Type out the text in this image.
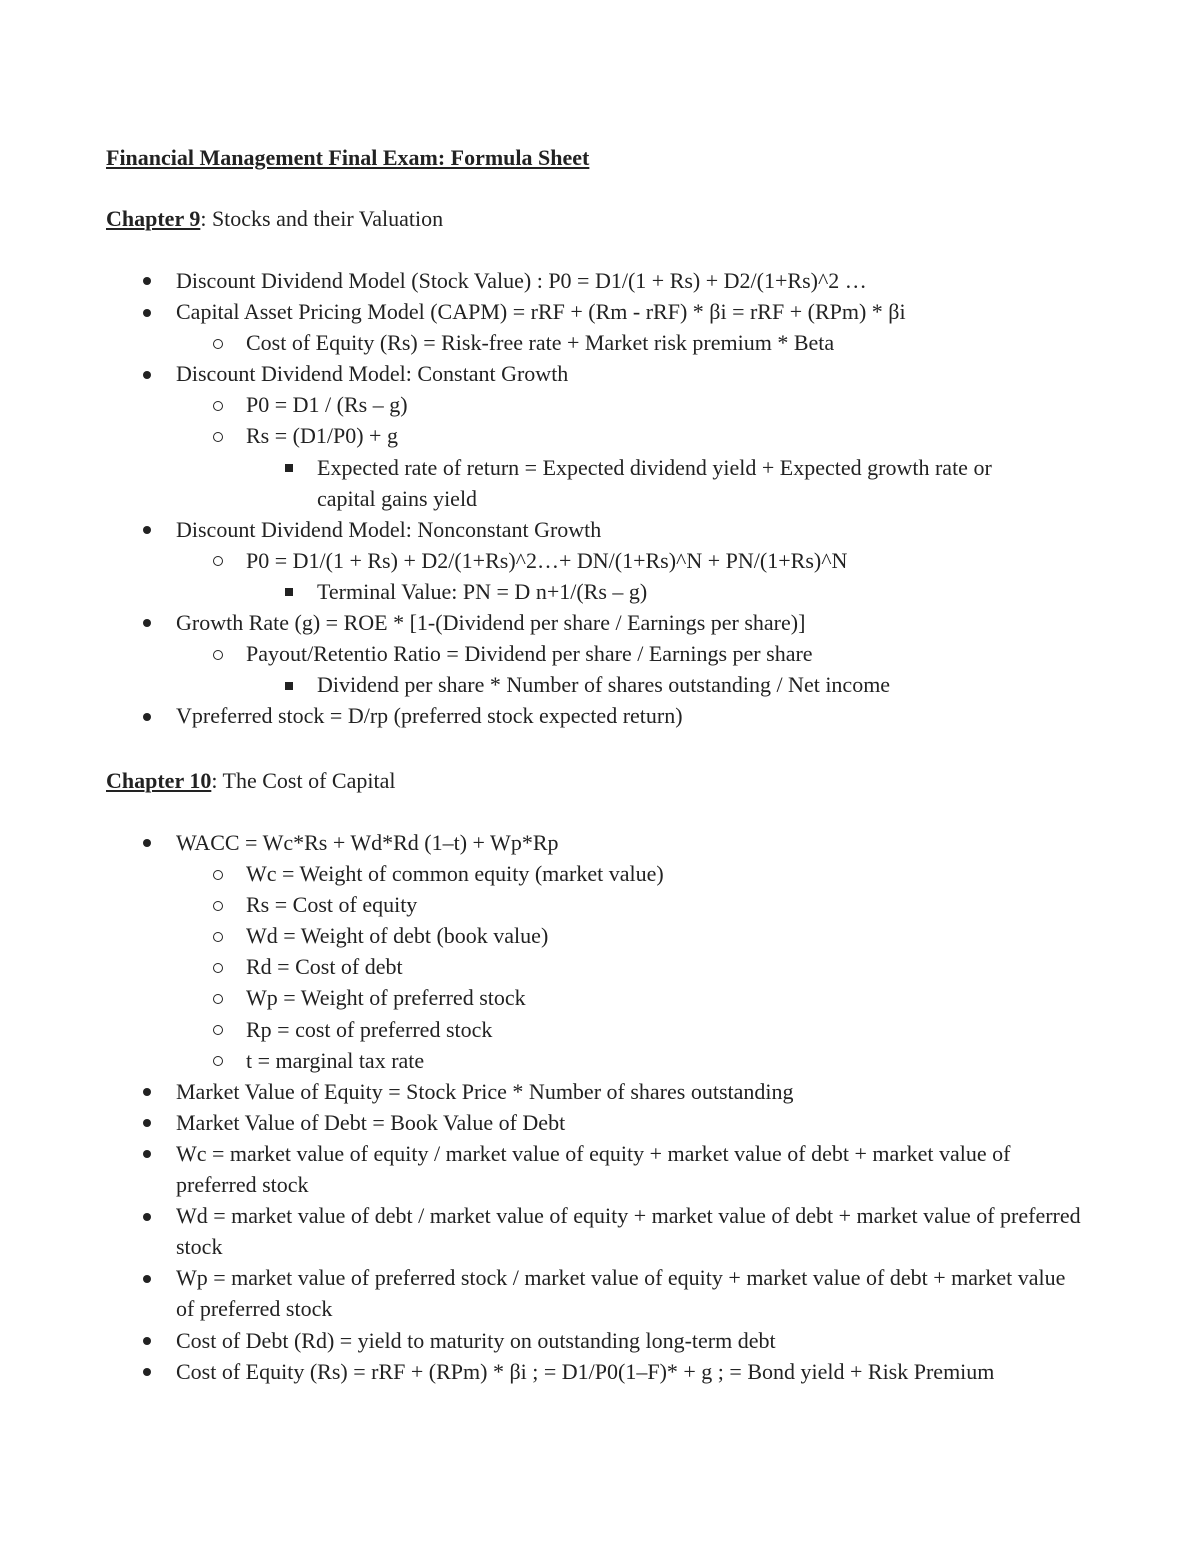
Financial Management Final Exam: Formula Sheet
Chapter 9: Stocks and their Valuation
Discount Dividend Model (Stock Value) : P0 = D1/(1 + Rs) + D2/(1+Rs)^2 …
Capital Asset Pricing Model (CAPM) = rRF + (Rm - rRF) * βi = rRF + (RPm) * βi
Cost of Equity (Rs) = Risk-free rate + Market risk premium * Beta
Discount Dividend Model: Constant Growth
P0 = D1 / (Rs – g)
Rs = (D1/P0) + g
Expected rate of return = Expected dividend yield + Expected growth rate or capital gains yield
Discount Dividend Model: Nonconstant Growth
P0 = D1/(1 + Rs) + D2/(1+Rs)^2…+ DN/(1+Rs)^N + PN/(1+Rs)^N
Terminal Value: PN = D n+1/(Rs – g)
Growth Rate (g) = ROE * [1-(Dividend per share / Earnings per share)]
Payout/Retentio Ratio = Dividend per share / Earnings per share
Dividend per share * Number of shares outstanding / Net income
Vpreferred stock = D/rp (preferred stock expected return)
Chapter 10: The Cost of Capital
WACC = Wc*Rs + Wd*Rd (1–t) + Wp*Rp
Wc = Weight of common equity (market value)
Rs = Cost of equity
Wd = Weight of debt (book value)
Rd = Cost of debt
Wp = Weight of preferred stock
Rp = cost of preferred stock
t = marginal tax rate
Market Value of Equity = Stock Price * Number of shares outstanding
Market Value of Debt = Book Value of Debt
Wc = market value of equity / market value of equity + market value of debt + market value of preferred stock
Wd = market value of debt / market value of equity + market value of debt + market value of preferred stock
Wp = market value of preferred stock / market value of equity + market value of debt + market value of preferred stock
Cost of Debt (Rd) = yield to maturity on outstanding long-term debt
Cost of Equity (Rs) = rRF + (RPm) * βi ; = D1/P0(1–F)* + g ; = Bond yield + Risk Premium
